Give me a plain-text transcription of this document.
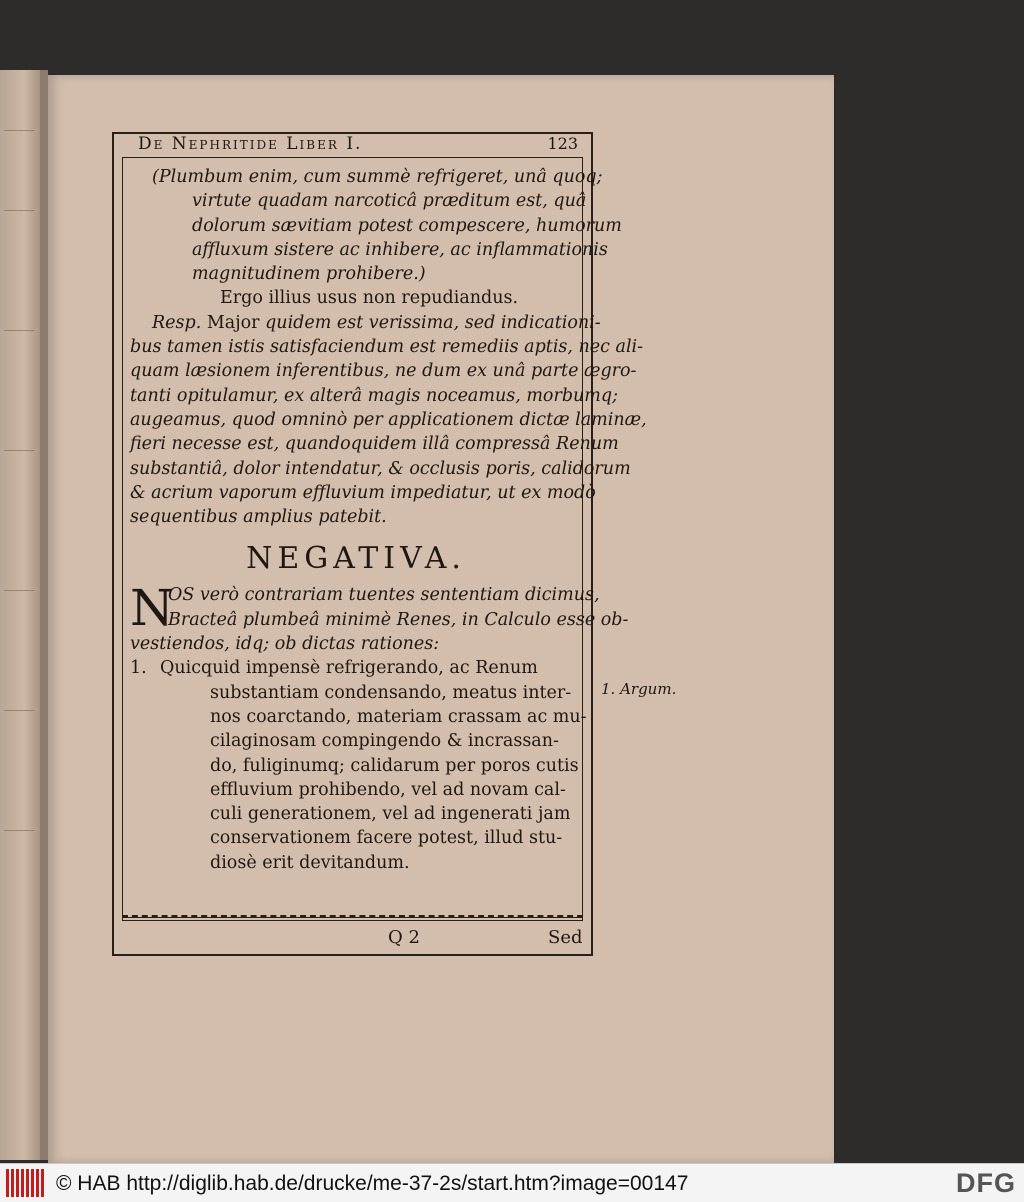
De Nephritide Liber I.	123
(Plumbum enim, cum summè refrigeret, unâ quoq;
virtute quadam narcoticâ præditum est, quâ
dolorum sævitiam potest compescere, humorum
affluxum sistere ac inhibere, ac inflammationis
magnitudinem prohibere.)
Ergo illius usus non repudiandus.
Resp. Major quidem est verissima, sed indicationi-
bus tamen istis satisfaciendum est remediis aptis, nec ali-
quam læsionem inferentibus, ne dum ex unâ parte ægro-
tanti opitulamur, ex alterâ magis noceamus, morbumq;
augeamus, quod omninò per applicationem dictæ laminæ,
fieri necesse est, quandoquidem illâ compressâ Renum
substantiâ, dolor intendatur, & occlusis poris, calidorum
& acrium vaporum effluvium impediatur, ut ex modò
sequentibus amplius patebit.
NEGATIVA.
N
OS verò contrariam tuentes sententiam dicimus,
Bracteâ plumbeâ minimè Renes, in Calculo esse ob-
vestiendos, idq; ob dictas rationes:
1. Quicquid impensè refrigerando, ac Renum
substantiam condensando, meatus inter-
nos coarctando, materiam crassam ac mu-
cilaginosam compingendo & incrassan-
do, fuliginumq; calidarum per poros cutis
effluvium prohibendo, vel ad novam cal-
culi generationem, vel ad ingenerati jam
conservationem facere potest, illud stu-
diosè erit devitandum.
1. Argum.
Q 2	Sed
© HAB http://diglib.hab.de/drucke/me-37-2s/start.htm?image=00147	DFG
